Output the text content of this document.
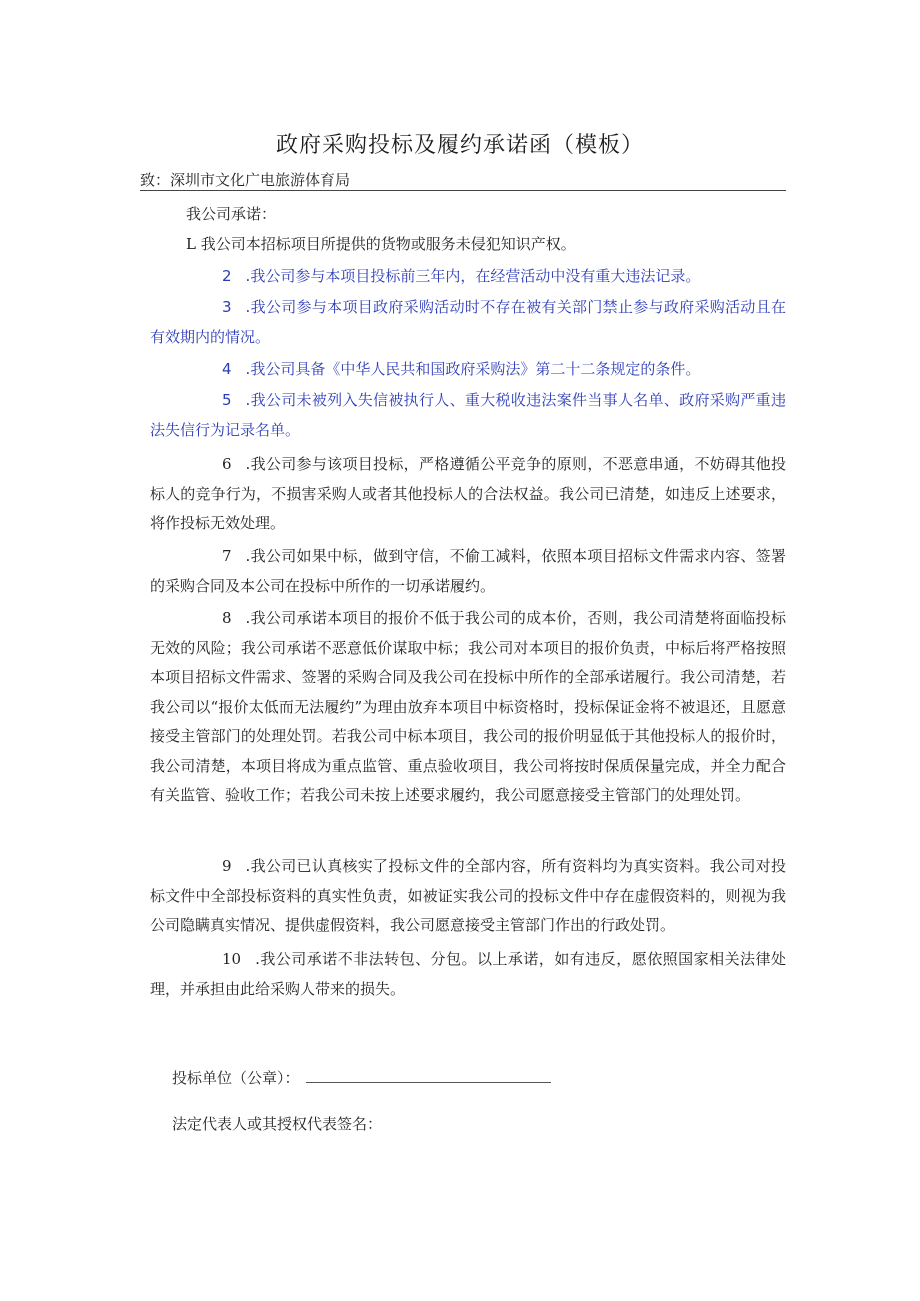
政府采购投标及履约承诺函（模板）
致：深圳市文化广电旅游体育局
我公司承诺：
L 我公司本招标项目所提供的货物或服务未侵犯知识产权。
2 .我公司参与本项目投标前三年内，在经营活动中没有重大违法记录。
3 .我公司参与本项目政府采购活动时不存在被有关部门禁止参与政府采购活动且在有效期内的情况。
4 .我公司具备《中华人民共和国政府采购法》第二十二条规定的条件。
5 .我公司未被列入失信被执行人、重大税收违法案件当事人名单、政府采购严重违法失信行为记录名单。
6 .我公司参与该项目投标，严格遵循公平竞争的原则，不恶意串通，不妨碍其他投标人的竞争行为，不损害采购人或者其他投标人的合法权益。我公司已清楚，如违反上述要求，将作投标无效处理。
7 .我公司如果中标，做到守信，不偷工减料，依照本项目招标文件需求内容、签署的采购合同及本公司在投标中所作的一切承诺履约。
8 .我公司承诺本项目的报价不低于我公司的成本价，否则，我公司清楚将面临投标无效的风险；我公司承诺不恶意低价谋取中标；我公司对本项目的报价负责，中标后将严格按照本项目招标文件需求、签署的采购合同及我公司在投标中所作的全部承诺履行。我公司清楚，若我公司以“报价太低而无法履约”为理由放弃本项目中标资格时，投标保证金将不被退还，且愿意接受主管部门的处理处罚。若我公司中标本项目，我公司的报价明显低于其他投标人的报价时，我公司清楚，本项目将成为重点监管、重点验收项目，我公司将按时保质保量完成，并全力配合有关监管、验收工作；若我公司未按上述要求履约，我公司愿意接受主管部门的处理处罚。
9 .我公司已认真核实了投标文件的全部内容，所有资料均为真实资料。我公司对投标文件中全部投标资料的真实性负责，如被证实我公司的投标文件中存在虚假资料的，则视为我公司隐瞒真实情况、提供虚假资料，我公司愿意接受主管部门作出的行政处罚。
10 .我公司承诺不非法转包、分包。以上承诺，如有违反，愿依照国家相关法律处理，并承担由此给采购人带来的损失。
投标单位（公章）：
法定代表人或其授权代表签名：
